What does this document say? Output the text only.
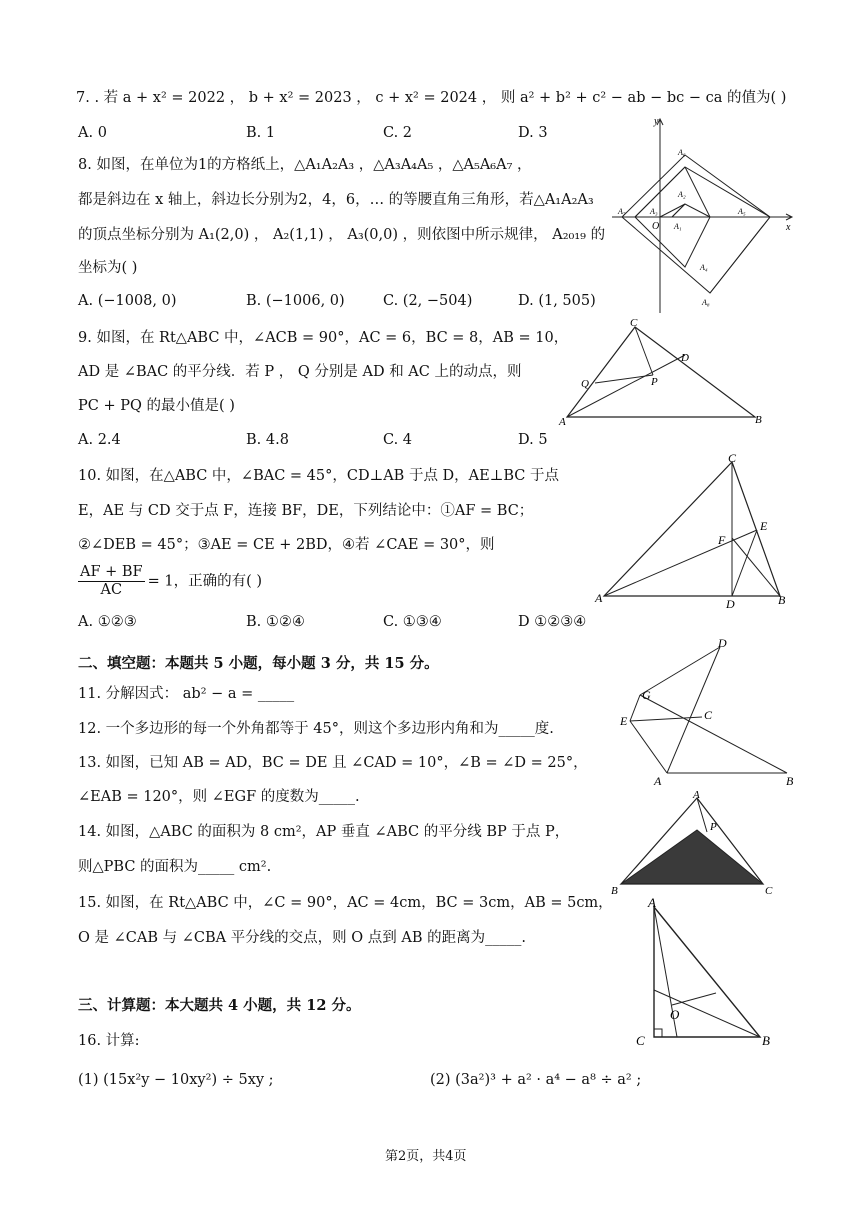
7. . 若 a + x² = 2022 ， b + x² = 2023 ， c + x² = 2024 ， 则 a² + b² + c² − ab − bc − ca 的值为( )
A. 0	B. 1	C. 2	D. 3
8. 如图，在单位为1的方格纸上，△A₁A₂A₃ ，△A₃A₄A₅ ，△A₅A₆A₇ ，
都是斜边在 x 轴上，斜边长分别为2，4，6，… 的等腰直角三角形，若△A₁A₂A₃
的顶点坐标分别为 A₁(2,0) ， A₂(1,1) ， A₃(0,0) ，则依图中所示规律， A₂₀₁₉ 的
坐标为( )
A. (−1008, 0)	B. (−1006, 0)	C. (2, −504)	D. (1, 505)
y
x
O A₁
A₂
A₃
A₄
A₅
A₆
A₇
A₈
9. 如图，在 Rt△ABC 中，∠ACB = 90°，AC = 6，BC = 8，AB = 10，
AD 是 ∠BAC 的平分线．若 P ， Q 分别是 AD 和 AC 上的动点，则
PC + PQ 的最小值是( )
A. 2.4	B. 4.8	C. 4	D. 5
C
D
Q	P
A	B
10. 如图，在△ABC 中，∠BAC = 45°，CD⊥AB 于点 D，AE⊥BC 于点
E，AE 与 CD 交于点 F，连接 BF，DE，下列结论中：①AF = BC；
②∠DEB = 45°；③AE = CE + 2BD，④若 ∠CAE = 30°，则
$\frac{AF + BF}{AC} = 1$，正确的有( )
A. ①②③	B. ①②④	C. ①③④	D ①②③④
C
E
F
A	D	B
二、填空题：本题共 5 小题，每小题 3 分，共 15 分。
11. 分解因式： ab² − a = _____
12. 一个多边形的每一个外角都等于 45°，则这个多边形内角和为_____度.
13. 如图，已知 AB = AD，BC = DE 且 ∠CAD = 10°，∠B = ∠D = 25°，
∠EAB = 120°，则 ∠EGF 的度数为_____.
D
G
E	C
A	B
14. 如图，△ABC 的面积为 8 cm²，AP 垂直 ∠ABC 的平分线 BP 于点 P，
则△PBC 的面积为_____ cm².
A
P
B	C
15. 如图，在 Rt△ABC 中，∠C = 90°，AC = 4cm，BC = 3cm，AB = 5cm，
O 是 ∠CAB 与 ∠CBA 平分线的交点，则 O 点到 AB 的距离为_____.
A
C	B
O
三、计算题：本大题共 4 小题，共 12 分。
16. 计算:
(1) (15x²y − 10xy²) ÷ 5xy ;	(2) (3a²)³ + a² · a⁴ − a⁸ ÷ a² ;
第2页，共4页
